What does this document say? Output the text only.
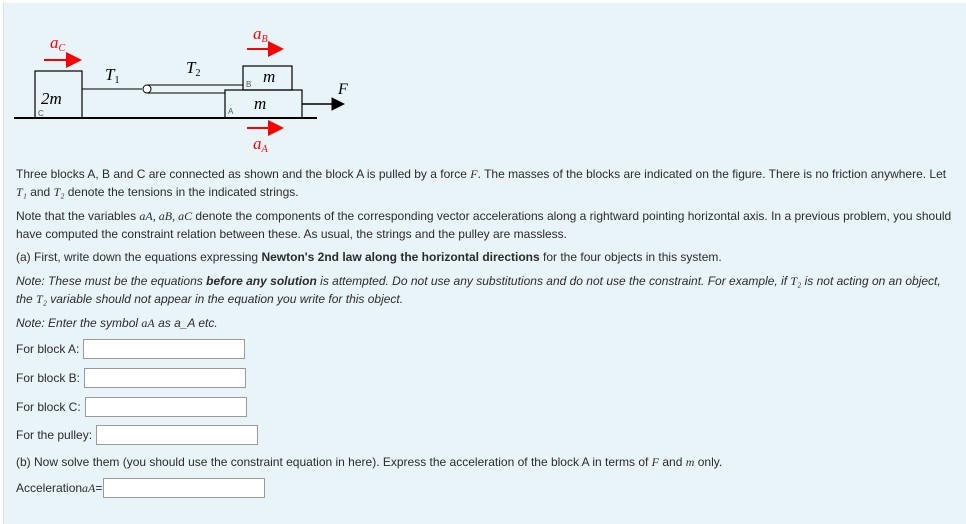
2m
C
m
A
m
B	F
aC
aB
aA
T1
T2
Three blocks A, B and C are connected as shown and the block A is pulled by a force F. The masses of the blocks are indicated on the figure. There is no friction anywhere. Let T₁ and T₂ denote the tensions in the indicated strings.
Note that the variables aA, aB, aC denote the components of the corresponding vector accelerations along a rightward pointing horizontal axis. In a previous problem, you should have computed the constraint relation between these. As usual, the strings and the pulley are massless.
(a) First, write down the equations expressing Newton's 2nd law along the horizontal directions for the four objects in this system.
Note: These must be the equations before any solution is attempted. Do not use any substitutions and do not use the constraint. For example, if T₂ is not acting on an object, the T₂ variable should not appear in the equation you write for this object.
Note: Enter the symbol aA as a_A etc.
For block A:
For block B:
For block C:
For the pulley:
(b) Now solve them (you should use the constraint equation in here). Express the acceleration of the block A in terms of F and m only.
Acceleration aA =
